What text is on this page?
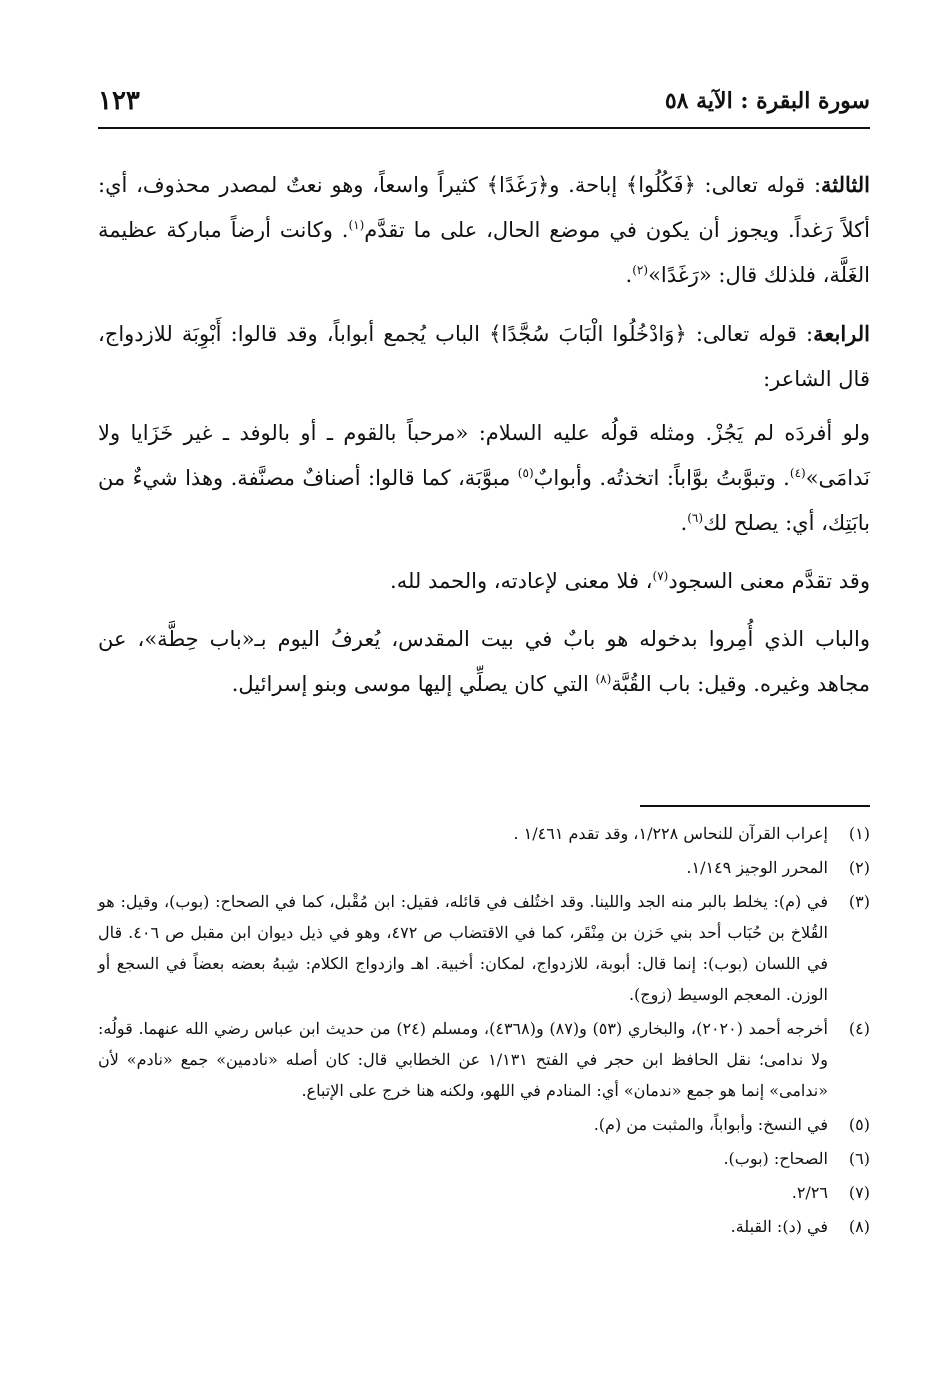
سورة البقرة : الآية ٥٨
١٢٣

الثالثة: قوله تعالى: ﴿فَكُلُوا﴾ إباحة. و﴿رَغَدًا﴾ كثيراً واسعاً، وهو نعتٌ لمصدر محذوف، أي: أكلاً رَغداً. ويجوز أن يكون في موضع الحال، على ما تقدَّم$^{(١)}$. وكانت أرضاً مباركة عظيمة الغَلَّة، فلذلك قال: «رَغَدًا»$^{(٢)}$.

الرابعة: قوله تعالى: ﴿وَادْخُلُوا الْبَابَ سُجَّدًا﴾ الباب يُجمع أبواباً، وقد قالوا: أَبْوِبَة للازدواج، قال الشاعر:

ولو أفردَه لم يَجُزْ. ومثله قولُه عليه السلام: «مرحباً بالقوم ـ أو بالوفد ـ غير خَزَايا ولا نَدامَى»$^{(٤)}$. وتبوَّبتُ بوَّاباً: اتخذتُه. وأبوابٌ$^{(٥)}$ مبوَّبَة، كما قالوا: أصنافٌ مصنَّفة. وهذا شيءٌ من بابَتِك، أي: يصلح لك$^{(٦)}$.

وقد تقدَّم معنى السجود$^{(٧)}$، فلا معنى لإعادته، والحمد لله.

والباب الذي أُمِروا بدخوله هو بابٌ في بيت المقدس، يُعرفُ اليوم بـ«باب حِطَّة»، عن مجاهد وغيره. وقيل: باب القُبَّة$^{(٨)}$ التي كان يصلِّي إليها موسى وبنو إسرائيل.

(١)
إعراب القرآن للنحاس ١/٢٢٨، وقد تقدم ١/٤٦١ .
(٢)
المحرر الوجيز ١/١٤٩.
(٣)
في (م): يخلط بالبر منه الجد واللينا. وقد اختُلف في قائله، فقيل: ابن مُقْبل، كما في الصحاح: (بوب)، وقيل: هو القُلاخ بن حُبَاب أحد بني حَزن بن مِنْقَر، كما في الاقتضاب ص ٤٧٢، وهو في ذيل ديوان ابن مقبل ص ٤٠٦. قال في اللسان (بوب): إنما قال: أبوبة، للازدواج، لمكان: أخبية. اهـ وازدواج الكلام: شِبهُ بعضه بعضاً في السجع أو الوزن. المعجم الوسيط (زوج).
(٤)
أخرجه أحمد (٢٠٢٠)، والبخاري (٥٣) و(٨٧) و(٤٣٦٨)، ومسلم (٢٤) من حديث ابن عباس رضي الله عنهما. قولُه: ولا ندامى؛ نقل الحافظ ابن حجر في الفتح ١/١٣١ عن الخطابي قال: كان أصله «نادمين» جمع «نادم» لأن «ندامى» إنما هو جمع «ندمان» أي: المنادم في اللهو، ولكنه هنا خرج على الإتباع.
(٥)
في النسخ: وأبواباً، والمثبت من (م).
(٦)
الصحاح: (بوب).
(٧)
٢/٢٦.
(٨)
في (د): القبلة.
